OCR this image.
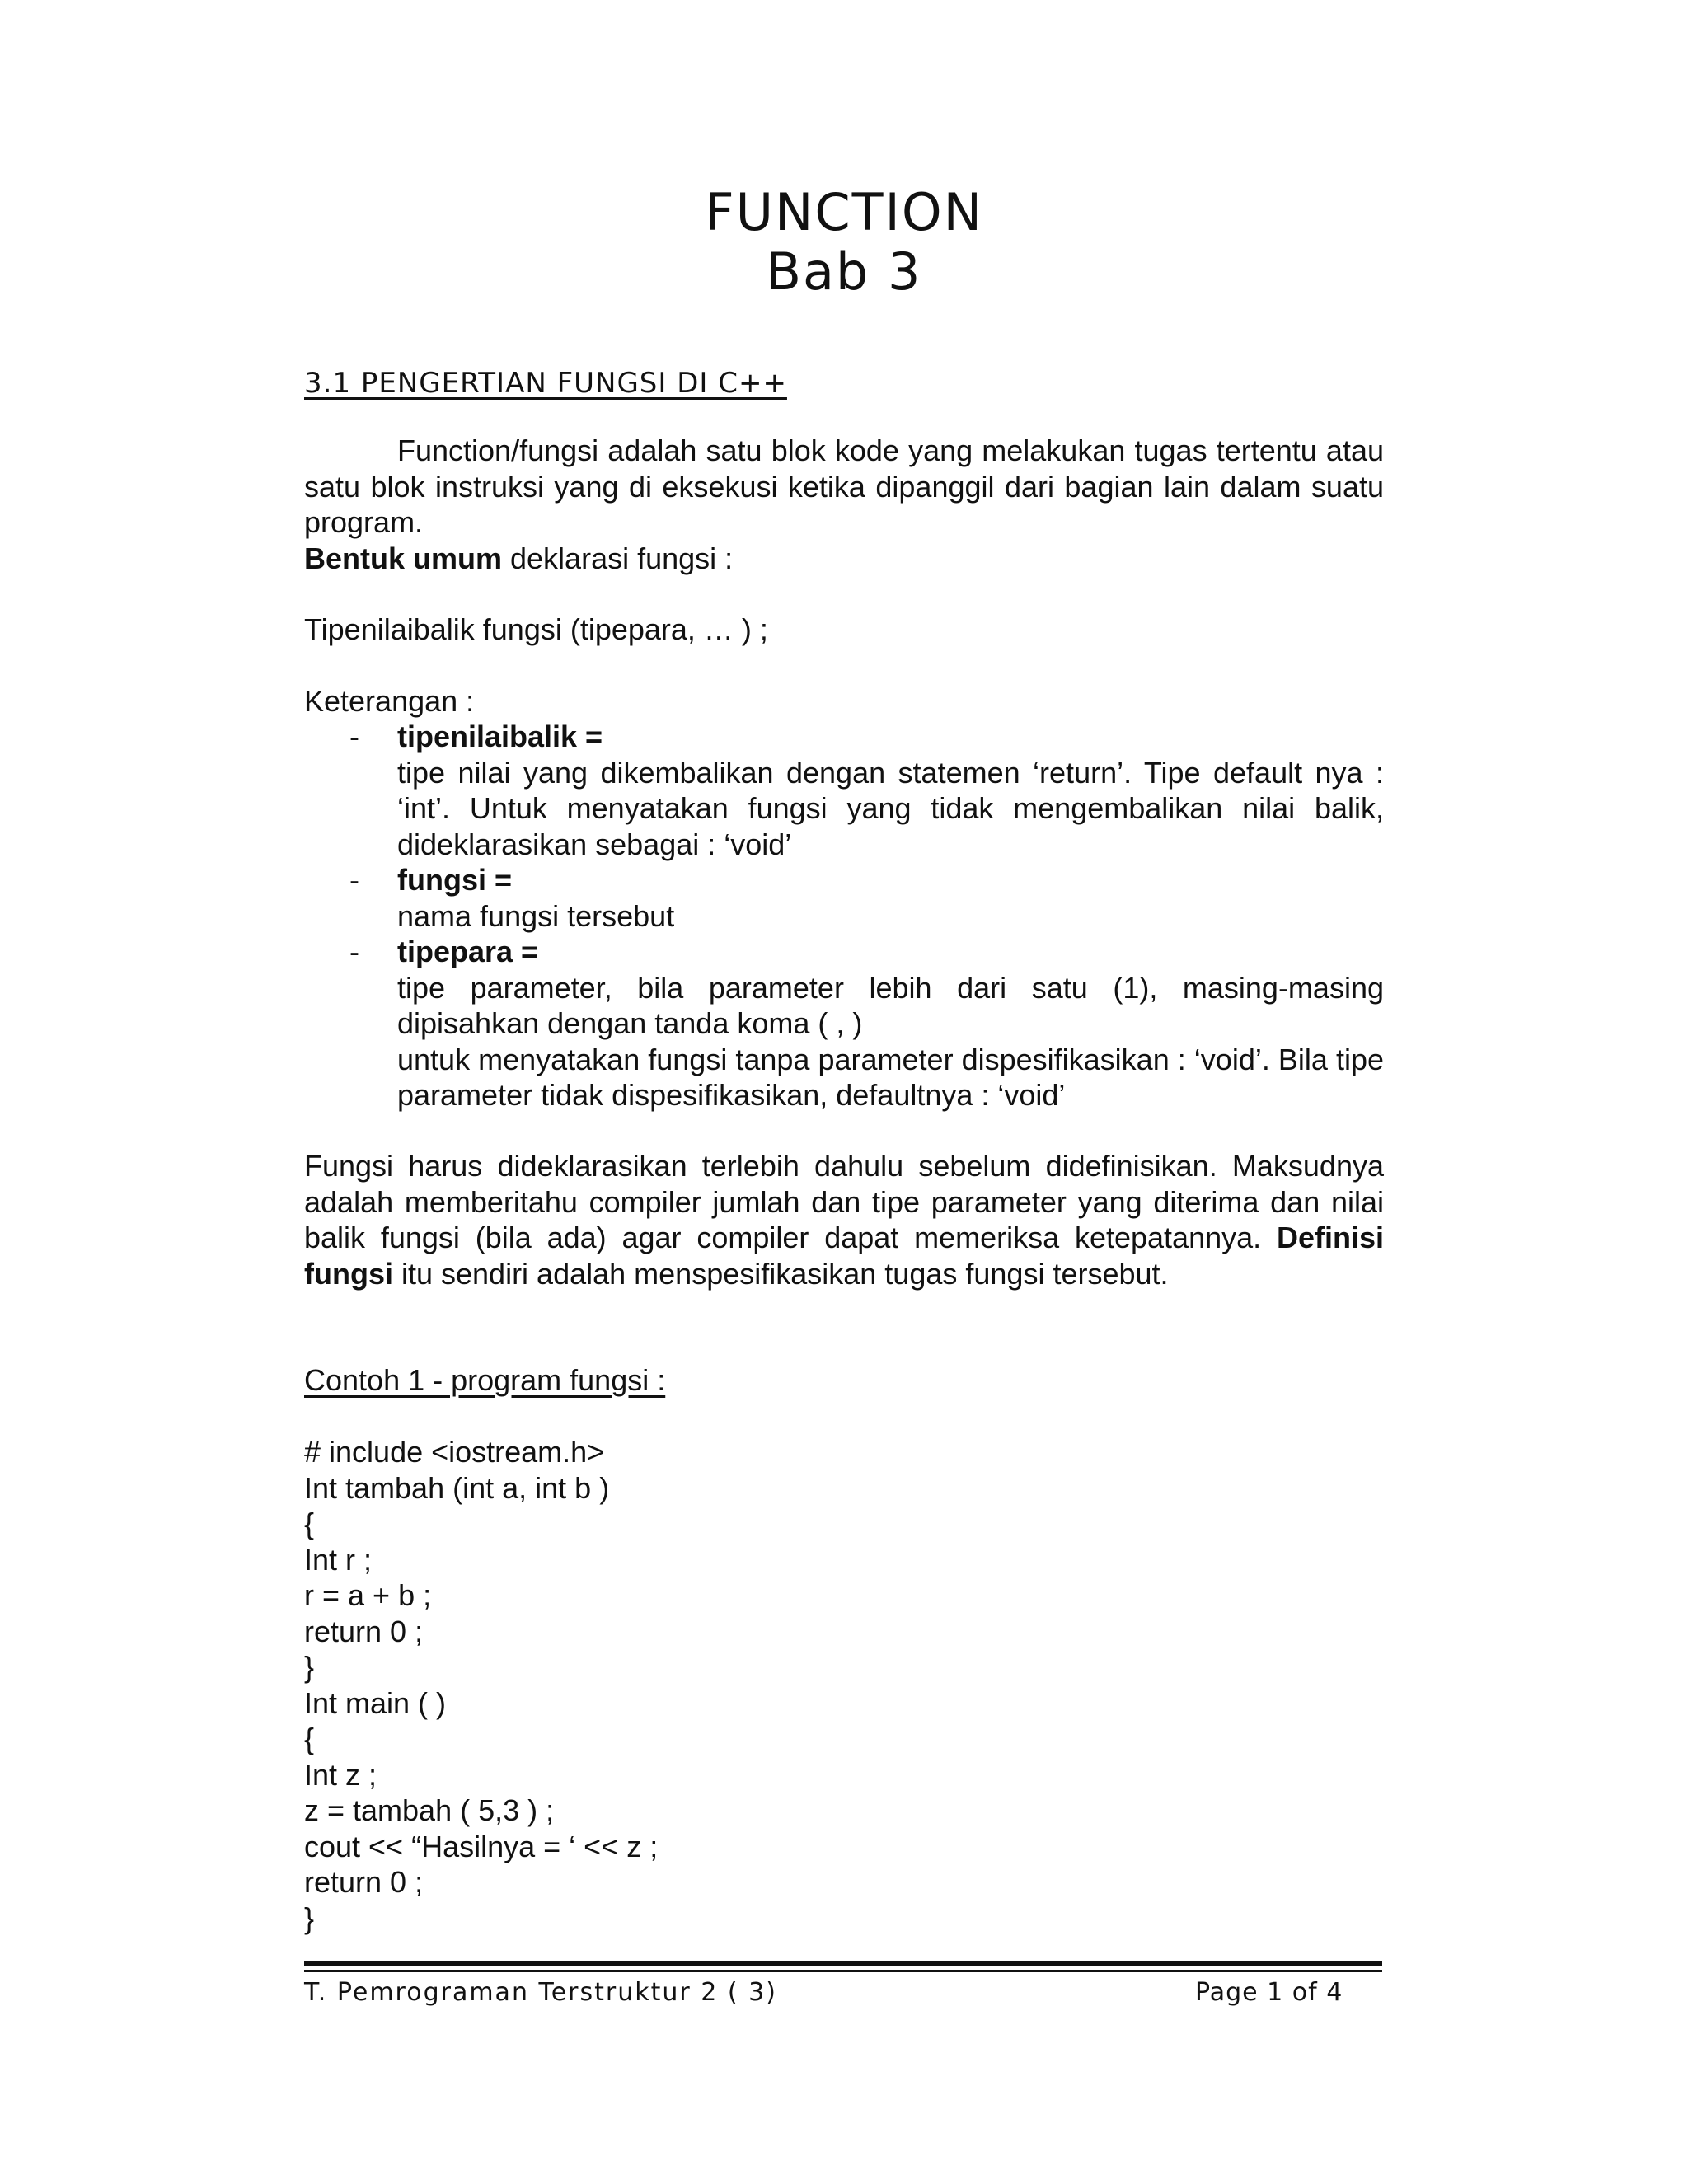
FUNCTION
Bab 3
3.1 PENGERTIAN FUNGSI DI C++

Function/fungsi adalah satu blok kode yang melakukan tugas tertentu atau satu blok instruksi yang di eksekusi ketika dipanggil dari bagian lain dalam suatu program.

Bentuk umum deklarasi fungsi :
Tipenilaibalik fungsi (tipepara, … ) ;
Keterangan :
- tipenilaibalik =
tipe nilai yang dikembalikan dengan statemen ‘return’. Tipe default nya : ‘int’. Untuk menyatakan fungsi yang tidak mengembalikan nilai balik, dideklarasikan sebagai : ‘void’
- fungsi =
nama fungsi tersebut
- tipepara =
tipe parameter, bila parameter lebih dari satu (1), masing-masing dipisahkan dengan tanda koma ( , )
untuk menyatakan fungsi tanpa parameter dispesifikasikan : ‘void’. Bila tipe parameter tidak dispesifikasikan, defaultnya : ‘void’

Fungsi harus dideklarasikan terlebih dahulu sebelum didefinisikan. Maksudnya adalah memberitahu compiler jumlah dan tipe parameter yang diterima dan nilai balik fungsi (bila ada) agar compiler dapat memeriksa ketepatannya. Definisi fungsi itu sendiri adalah menspesifikasikan tugas fungsi tersebut.

Contoh 1 - program fungsi :
# include <iostream.h>
Int tambah (int a, int b )
{
Int r ;
r = a + b ;
return 0 ;
}
Int main ( )
{
Int z ;
z = tambah ( 5,3 ) ;
cout << “Hasilnya = ‘ << z ;
return 0 ;
}
T. Pemrograman Terstruktur 2 ( 3)	Page 1 of 4
